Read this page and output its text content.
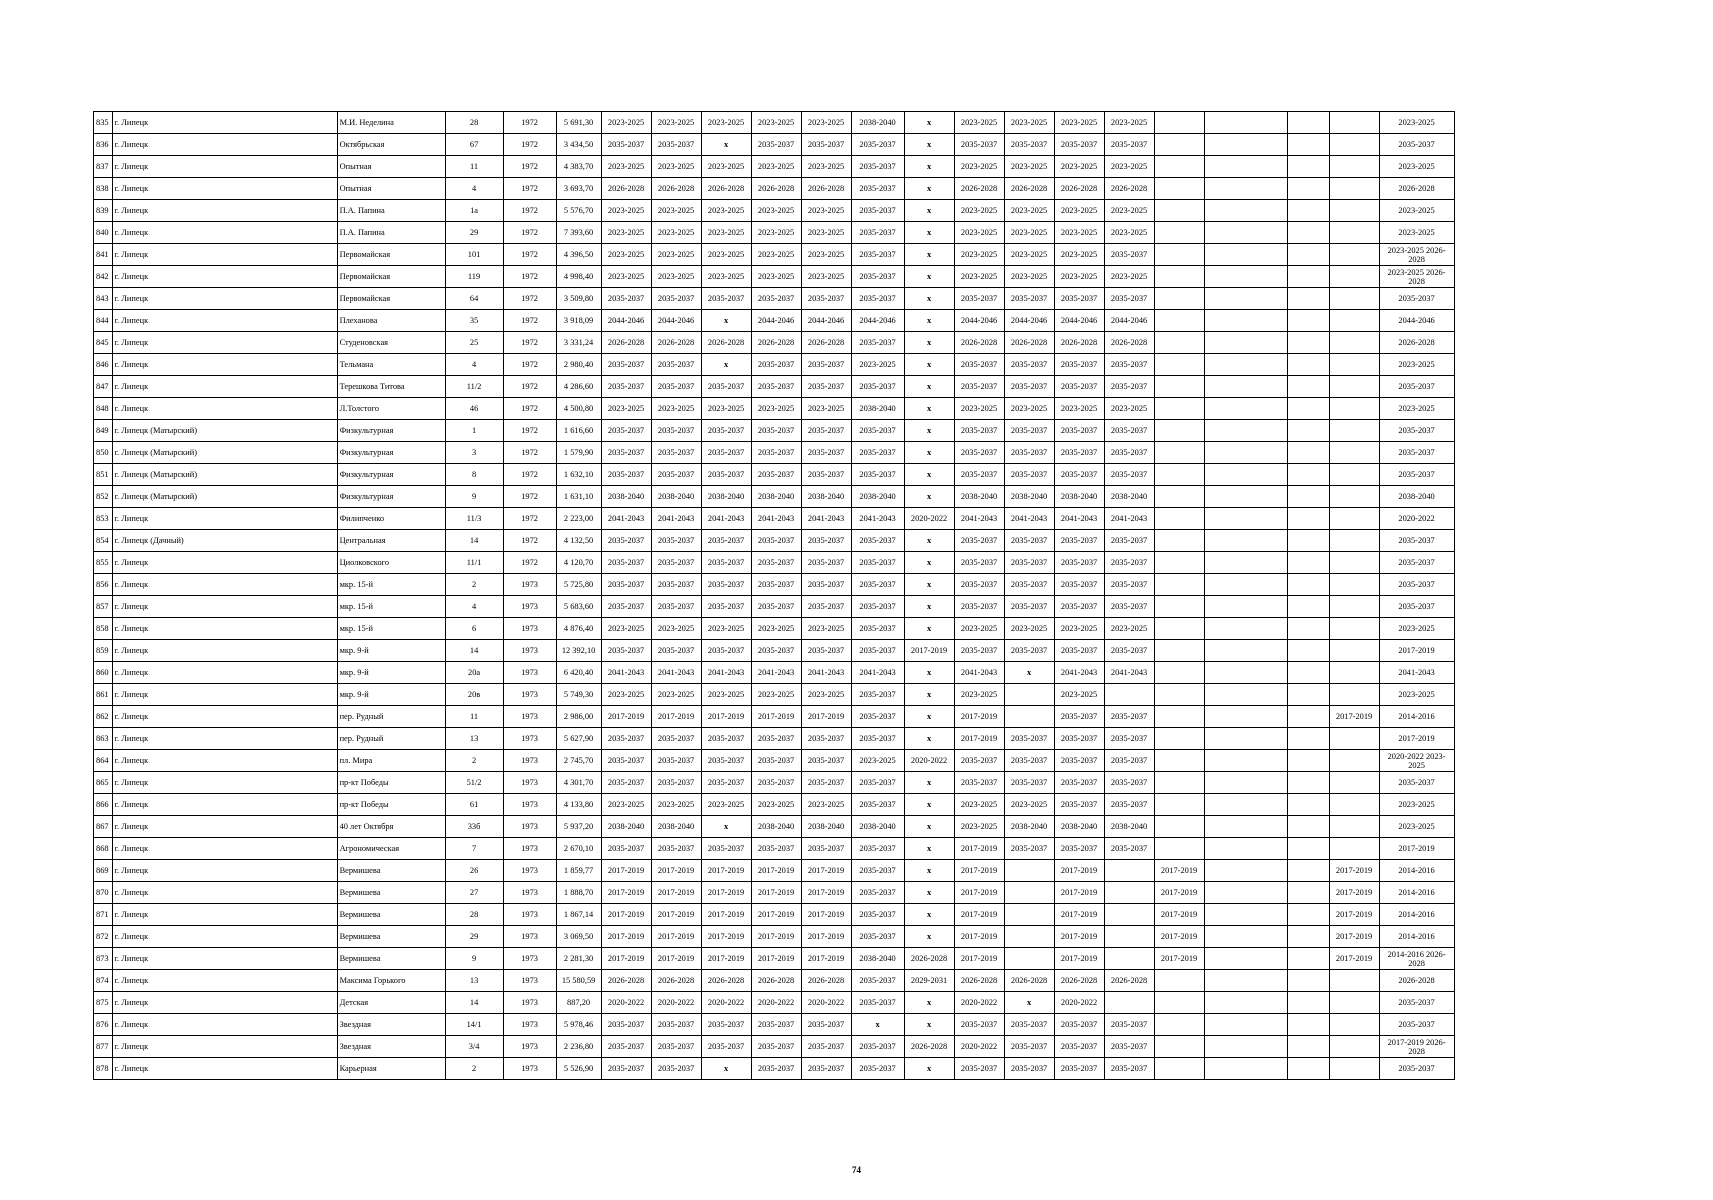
835	г. Липецк	М.И. Неделина	28	1972	5 691,30	2023-2025	2023-2025	2023-2025	2023-2025	2023-2025	2038-2040	х	2023-2025	2023-2025	2023-2025	2023-2025					2023-2025
836	г. Липецк	Октябрьская	67	1972	3 434,50	2035-2037	2035-2037	х	2035-2037	2035-2037	2035-2037	х	2035-2037	2035-2037	2035-2037	2035-2037					2035-2037
837	г. Липецк	Опытная	11	1972	4 383,70	2023-2025	2023-2025	2023-2025	2023-2025	2023-2025	2035-2037	х	2023-2025	2023-2025	2023-2025	2023-2025					2023-2025
838	г. Липецк	Опытная	4	1972	3 693,70	2026-2028	2026-2028	2026-2028	2026-2028	2026-2028	2035-2037	х	2026-2028	2026-2028	2026-2028	2026-2028					2026-2028
839	г. Липецк	П.А. Папина	1а	1972	5 576,70	2023-2025	2023-2025	2023-2025	2023-2025	2023-2025	2035-2037	х	2023-2025	2023-2025	2023-2025	2023-2025					2023-2025
840	г. Липецк	П.А. Папина	29	1972	7 393,60	2023-2025	2023-2025	2023-2025	2023-2025	2023-2025	2035-2037	х	2023-2025	2023-2025	2023-2025	2023-2025					2023-2025
841	г. Липецк	Первомайская	101	1972	4 396,50	2023-2025	2023-2025	2023-2025	2023-2025	2023-2025	2035-2037	х	2023-2025	2023-2025	2023-2025	2035-2037					2023-2025 2026-2028
842	г. Липецк	Первомайская	119	1972	4 998,40	2023-2025	2023-2025	2023-2025	2023-2025	2023-2025	2035-2037	х	2023-2025	2023-2025	2023-2025	2023-2025					2023-2025 2026-2028
843	г. Липецк	Первомайская	64	1972	3 509,80	2035-2037	2035-2037	2035-2037	2035-2037	2035-2037	2035-2037	х	2035-2037	2035-2037	2035-2037	2035-2037					2035-2037
844	г. Липецк	Плеханова	35	1972	3 918,09	2044-2046	2044-2046	х	2044-2046	2044-2046	2044-2046	х	2044-2046	2044-2046	2044-2046	2044-2046					2044-2046
845	г. Липецк	Студеновская	25	1972	3 331,24	2026-2028	2026-2028	2026-2028	2026-2028	2026-2028	2035-2037	х	2026-2028	2026-2028	2026-2028	2026-2028					2026-2028
846	г. Липецк	Тельмана	4	1972	2 980,40	2035-2037	2035-2037	х	2035-2037	2035-2037	2023-2025	х	2035-2037	2035-2037	2035-2037	2035-2037					2023-2025
847	г. Липецк	Терешкова Титова	11/2	1972	4 286,60	2035-2037	2035-2037	2035-2037	2035-2037	2035-2037	2035-2037	х	2035-2037	2035-2037	2035-2037	2035-2037					2035-2037
848	г. Липецк	Л.Толстого	46	1972	4 500,80	2023-2025	2023-2025	2023-2025	2023-2025	2023-2025	2038-2040	х	2023-2025	2023-2025	2023-2025	2023-2025					2023-2025
849	г. Липецк (Матырский)	Физкультурная	1	1972	1 616,60	2035-2037	2035-2037	2035-2037	2035-2037	2035-2037	2035-2037	х	2035-2037	2035-2037	2035-2037	2035-2037					2035-2037
850	г. Липецк (Матырский)	Физкультурная	3	1972	1 579,90	2035-2037	2035-2037	2035-2037	2035-2037	2035-2037	2035-2037	х	2035-2037	2035-2037	2035-2037	2035-2037					2035-2037
851	г. Липецк (Матырский)	Физкультурная	8	1972	1 632,10	2035-2037	2035-2037	2035-2037	2035-2037	2035-2037	2035-2037	х	2035-2037	2035-2037	2035-2037	2035-2037					2035-2037
852	г. Липецк (Матырский)	Физкультурная	9	1972	1 631,10	2038-2040	2038-2040	2038-2040	2038-2040	2038-2040	2038-2040	х	2038-2040	2038-2040	2038-2040	2038-2040					2038-2040
853	г. Липецк	Филипченко	11/3	1972	2 223,00	2041-2043	2041-2043	2041-2043	2041-2043	2041-2043	2041-2043	2020-2022	2041-2043	2041-2043	2041-2043	2041-2043					2020-2022
854	г. Липецк (Дачный)	Центральная	14	1972	4 132,50	2035-2037	2035-2037	2035-2037	2035-2037	2035-2037	2035-2037	х	2035-2037	2035-2037	2035-2037	2035-2037					2035-2037
855	г. Липецк	Циолковского	11/1	1972	4 120,70	2035-2037	2035-2037	2035-2037	2035-2037	2035-2037	2035-2037	х	2035-2037	2035-2037	2035-2037	2035-2037					2035-2037
856	г. Липецк	мкр. 15-й	2	1973	5 725,80	2035-2037	2035-2037	2035-2037	2035-2037	2035-2037	2035-2037	х	2035-2037	2035-2037	2035-2037	2035-2037					2035-2037
857	г. Липецк	мкр. 15-й	4	1973	5 683,60	2035-2037	2035-2037	2035-2037	2035-2037	2035-2037	2035-2037	х	2035-2037	2035-2037	2035-2037	2035-2037					2035-2037
858	г. Липецк	мкр. 15-й	6	1973	4 876,40	2023-2025	2023-2025	2023-2025	2023-2025	2023-2025	2035-2037	х	2023-2025	2023-2025	2023-2025	2023-2025					2023-2025
859	г. Липецк	мкр. 9-й	14	1973	12 392,10	2035-2037	2035-2037	2035-2037	2035-2037	2035-2037	2035-2037	2017-2019	2035-2037	2035-2037	2035-2037	2035-2037					2017-2019
860	г. Липецк	мкр. 9-й	20а	1973	6 420,40	2041-2043	2041-2043	2041-2043	2041-2043	2041-2043	2041-2043	х	2041-2043	х	2041-2043	2041-2043					2041-2043
861	г. Липецк	мкр. 9-й	20в	1973	5 749,30	2023-2025	2023-2025	2023-2025	2023-2025	2023-2025	2035-2037	х	2023-2025		2023-2025						2023-2025
862	г. Липецк	пер. Рудный	11	1973	2 986,00	2017-2019	2017-2019	2017-2019	2017-2019	2017-2019	2035-2037	х	2017-2019		2035-2037	2035-2037				2017-2019	2014-2016
863	г. Липецк	пер. Рудный	13	1973	5 627,90	2035-2037	2035-2037	2035-2037	2035-2037	2035-2037	2035-2037	х	2017-2019	2035-2037	2035-2037	2035-2037					2017-2019
864	г. Липецк	пл. Мира	2	1973	2 745,70	2035-2037	2035-2037	2035-2037	2035-2037	2035-2037	2023-2025	2020-2022	2035-2037	2035-2037	2035-2037	2035-2037					2020-2022 2023-2025
865	г. Липецк	пр-кт Победы	51/2	1973	4 301,70	2035-2037	2035-2037	2035-2037	2035-2037	2035-2037	2035-2037	х	2035-2037	2035-2037	2035-2037	2035-2037					2035-2037
866	г. Липецк	пр-кт Победы	61	1973	4 133,80	2023-2025	2023-2025	2023-2025	2023-2025	2023-2025	2035-2037	х	2023-2025	2023-2025	2035-2037	2035-2037					2023-2025
867	г. Липецк	40 лет Октября	33б	1973	5 937,20	2038-2040	2038-2040	х	2038-2040	2038-2040	2038-2040	х	2023-2025	2038-2040	2038-2040	2038-2040					2023-2025
868	г. Липецк	Агрономическая	7	1973	2 670,10	2035-2037	2035-2037	2035-2037	2035-2037	2035-2037	2035-2037	х	2017-2019	2035-2037	2035-2037	2035-2037					2017-2019
869	г. Липецк	Вермишева	26	1973	1 859,77	2017-2019	2017-2019	2017-2019	2017-2019	2017-2019	2035-2037	х	2017-2019		2017-2019		2017-2019			2017-2019	2014-2016
870	г. Липецк	Вермишева	27	1973	1 888,70	2017-2019	2017-2019	2017-2019	2017-2019	2017-2019	2035-2037	х	2017-2019		2017-2019		2017-2019			2017-2019	2014-2016
871	г. Липецк	Вермишева	28	1973	1 867,14	2017-2019	2017-2019	2017-2019	2017-2019	2017-2019	2035-2037	х	2017-2019		2017-2019		2017-2019			2017-2019	2014-2016
872	г. Липецк	Вермишева	29	1973	3 069,50	2017-2019	2017-2019	2017-2019	2017-2019	2017-2019	2035-2037	х	2017-2019		2017-2019		2017-2019			2017-2019	2014-2016
873	г. Липецк	Вермишева	9	1973	2 281,30	2017-2019	2017-2019	2017-2019	2017-2019	2017-2019	2038-2040	2026-2028	2017-2019		2017-2019		2017-2019			2017-2019	2014-2016 2026-2028
874	г. Липецк	Максима Горького	13	1973	15 580,59	2026-2028	2026-2028	2026-2028	2026-2028	2026-2028	2035-2037	2029-2031	2026-2028	2026-2028	2026-2028	2026-2028					2026-2028
875	г. Липецк	Детская	14	1973	887,20	2020-2022	2020-2022	2020-2022	2020-2022	2020-2022	2035-2037	х	2020-2022	х	2020-2022						2035-2037
876	г. Липецк	Звездная	14/1	1973	5 978,46	2035-2037	2035-2037	2035-2037	2035-2037	2035-2037	х	х	2035-2037	2035-2037	2035-2037	2035-2037					2035-2037
877	г. Липецк	Звездная	3/4	1973	2 236,80	2035-2037	2035-2037	2035-2037	2035-2037	2035-2037	2035-2037	2026-2028	2020-2022	2035-2037	2035-2037	2035-2037					2017-2019 2026-2028
878	г. Липецк	Карьерная	2	1973	5 526,90	2035-2037	2035-2037	х	2035-2037	2035-2037	2035-2037	х	2035-2037	2035-2037	2035-2037	2035-2037					2035-2037
74
